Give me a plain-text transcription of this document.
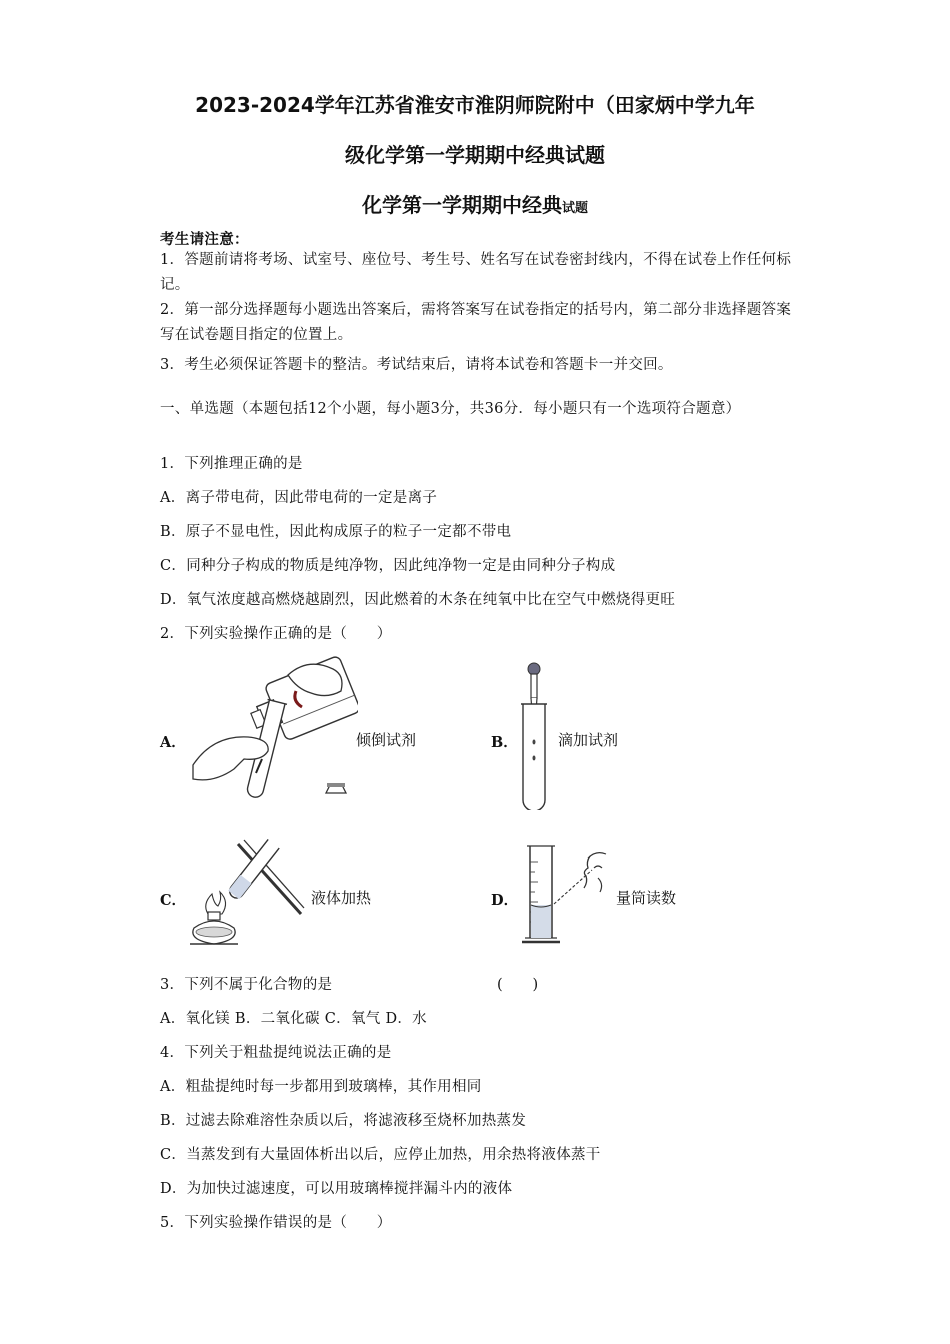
2023-2024学年江苏省淮安市淮阴师院附中（田家炳中学九年
级化学第一学期期中经典试题
化学第一学期期中经典试题
考生请注意：
1．答题前请将考场、试室号、座位号、考生号、姓名写在试卷密封线内，不得在试卷上作任何标记。
2．第一部分选择题每小题选出答案后，需将答案写在试卷指定的括号内，第二部分非选择题答案写在试卷题目指定的位置上。
3．考生必须保证答题卡的整洁。考试结束后，请将本试卷和答题卡一并交回。
一、单选题（本题包括12个小题，每小题3分，共36分．每小题只有一个选项符合题意）
1．下列推理正确的是
A．离子带电荷，因此带电荷的一定是离子
B．原子不显电性，因此构成原子的粒子一定都不带电
C．同种分子构成的物质是纯净物，因此纯净物一定是由同种分子构成
D．氧气浓度越高燃烧越剧烈，因此燃着的木条在纯氧中比在空气中燃烧得更旺
2．下列实验操作正确的是（　　）
A．	倾倒试剂	B．	滴加试剂
C．	液体加热	D．	量筒读数
3．下列不属于化合物的是	(　　)
A．氧化镁 B．二氧化碳 C．氧气 D．水
4．下列关于粗盐提纯说法正确的是
A．粗盐提纯时每一步都用到玻璃棒，其作用相同
B．过滤去除难溶性杂质以后，将滤液移至烧杯加热蒸发
C．当蒸发到有大量固体析出以后，应停止加热，用余热将液体蒸干
D．为加快过滤速度，可以用玻璃棒搅拌漏斗内的液体
5．下列实验操作错误的是（　　）
